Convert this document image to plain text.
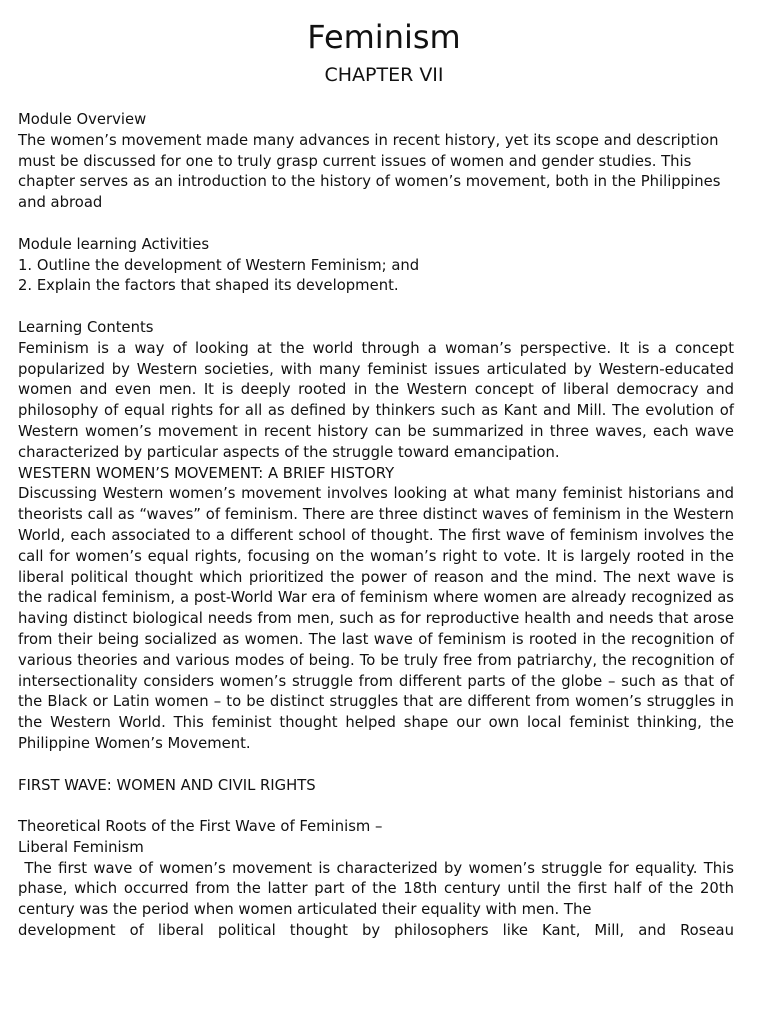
Feminism
CHAPTER VII
Module Overview

The women’s movement made many advances in recent history, yet its scope and description must be discussed for one to truly grasp current issues of women and gender studies. This chapter serves as an introduction to the history of women’s movement, both in the Philippines and abroad

Module learning Activities
1. Outline the development of Western Feminism; and
2. Explain the factors that shaped its development.
Learning Contents

Feminism is a way of looking at the world through a woman’s perspective. It is a concept popularized by Western societies, with many feminist issues articulated by Western-educated women and even men. It is deeply rooted in the Western concept of liberal democracy and philosophy of equal rights for all as defined by thinkers such as Kant and Mill. The evolution of Western women’s movement in recent history can be summarized in three waves, each wave characterized by particular aspects of the struggle toward emancipation.

WESTERN WOMEN’S MOVEMENT: A BRIEF HISTORY

Discussing Western women’s movement involves looking at what many feminist historians and theorists call as “waves” of feminism. There are three distinct waves of feminism in the Western World, each associated to a different school of thought. The first wave of feminism involves the call for women’s equal rights, focusing on the woman’s right to vote. It is largely rooted in the liberal political thought which prioritized the power of reason and the mind. The next wave is the radical feminism, a post-World War era of feminism where women are already recognized as having distinct biological needs from men, such as for reproductive health and needs that arose from their being socialized as women. The last wave of feminism is rooted in the recognition of various theories and various modes of being. To be truly free from patriarchy, the recognition of intersectionality considers women’s struggle from different parts of the globe – such as that of the Black or Latin women – to be distinct struggles that are different from women’s struggles in the Western World. This feminist thought helped shape our own local feminist thinking, the Philippine Women’s Movement.

FIRST WAVE: WOMEN AND CIVIL RIGHTS
Theoretical Roots of the First Wave of Feminism –
Liberal Feminism

The first wave of women’s movement is characterized by women’s struggle for equality. This phase, which occurred from the latter part of the 18th century until the first half of the 20th century was the period when women articulated their equality with men. The

development of liberal political thought by philosophers like Kant, Mill, and Roseau
